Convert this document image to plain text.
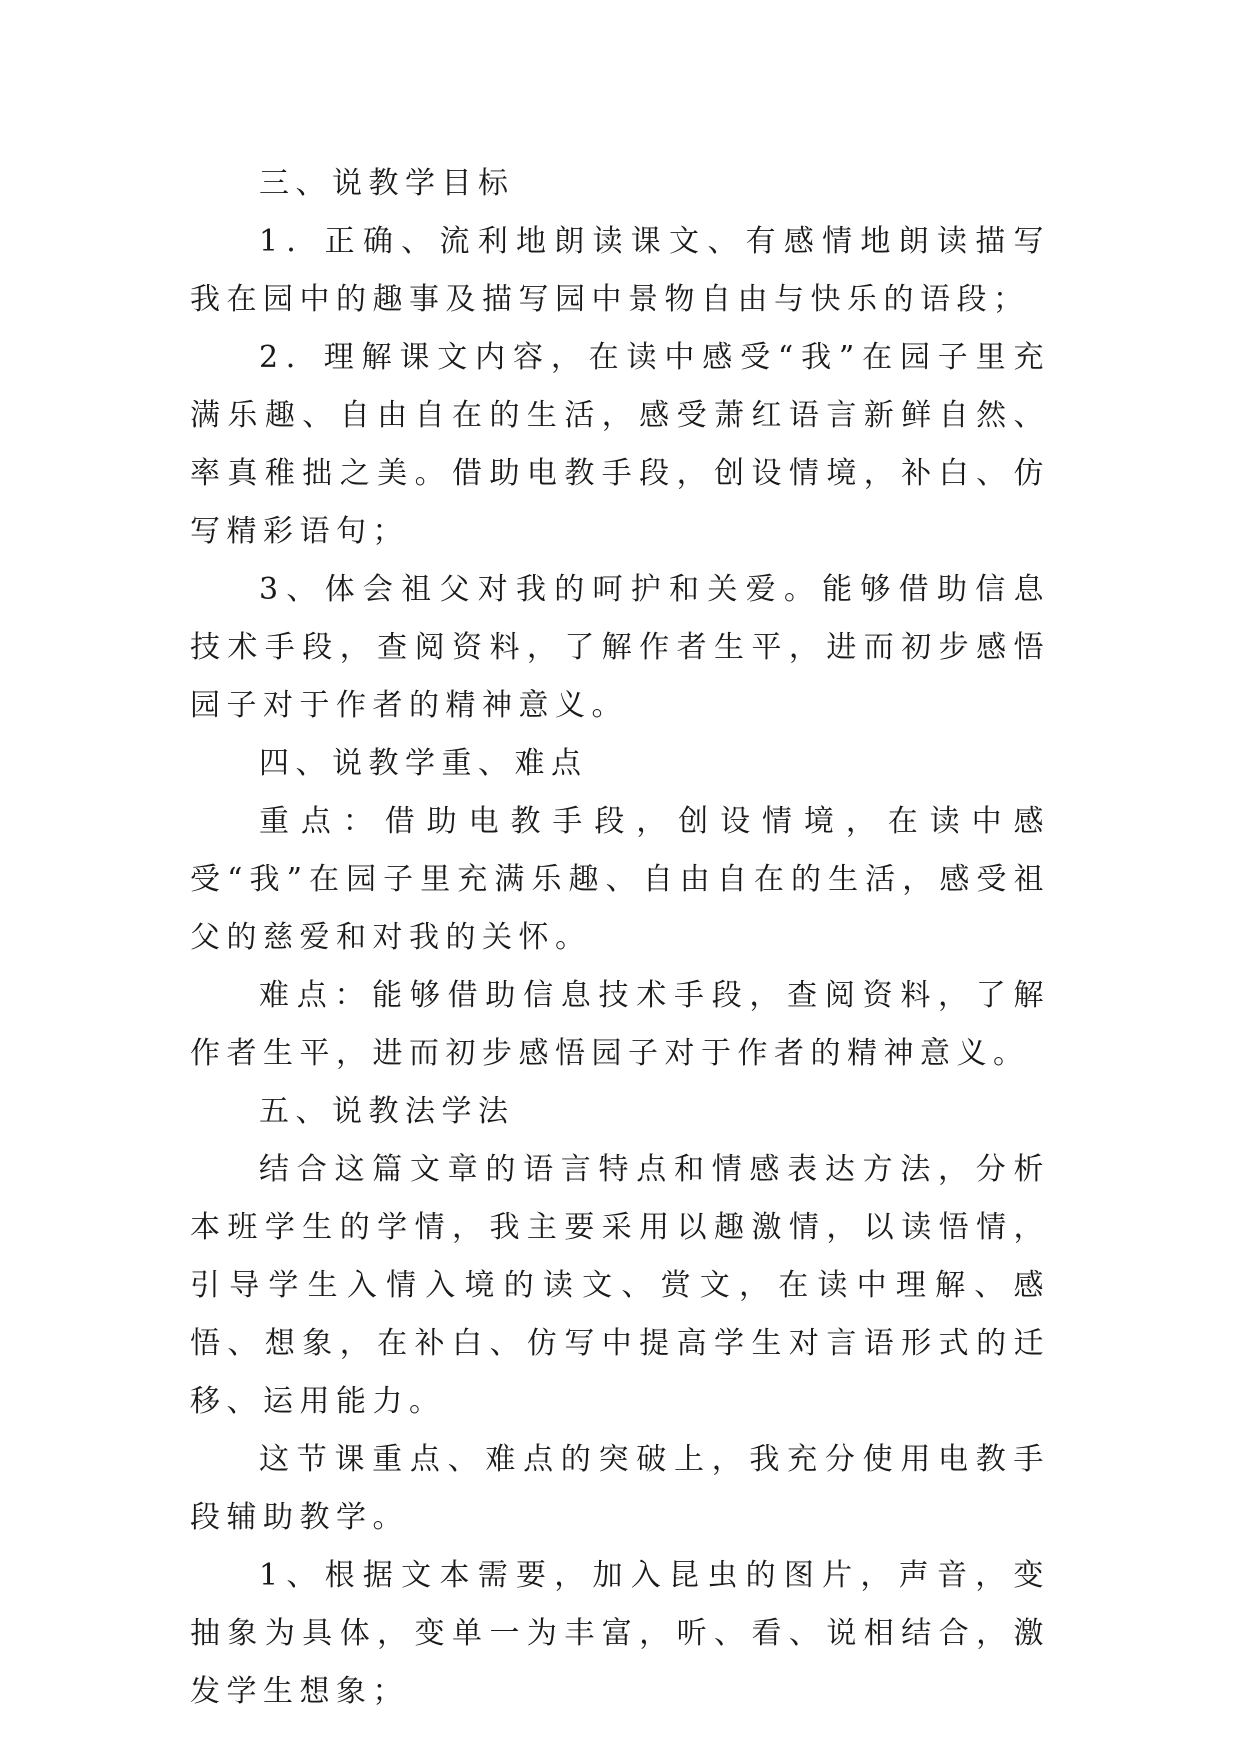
三、说教学目标

1．正确、流利地朗读课文、有感情地朗读描写我在园中的趣事及描写园中景物自由与快乐的语段；

2．理解课文内容，在读中感受“我”在园子里充满乐趣、自由自在的生活，感受萧红语言新鲜自然、率真稚拙之美。借助电教手段，创设情境，补白、仿写精彩语句；

3、体会祖父对我的呵护和关爱。能够借助信息技术手段，查阅资料，了解作者生平，进而初步感悟园子对于作者的精神意义。

四、说教学重、难点

重点：借助电教手段，创设情境，在读中感受“我”在园子里充满乐趣、自由自在的生活，感受祖父的慈爱和对我的关怀。

难点：能够借助信息技术手段，查阅资料，了解作者生平，进而初步感悟园子对于作者的精神意义。

五、说教法学法

结合这篇文章的语言特点和情感表达方法，分析本班学生的学情，我主要采用以趣激情，以读悟情，引导学生入情入境的读文、赏文，在读中理解、感悟、想象，在补白、仿写中提高学生对言语形式的迁移、运用能力。

这节课重点、难点的突破上，我充分使用电教手段辅助教学。

1、根据文本需要，加入昆虫的图片，声音，变抽象为具体，变单一为丰富，听、看、说相结合，激发学生想象；
